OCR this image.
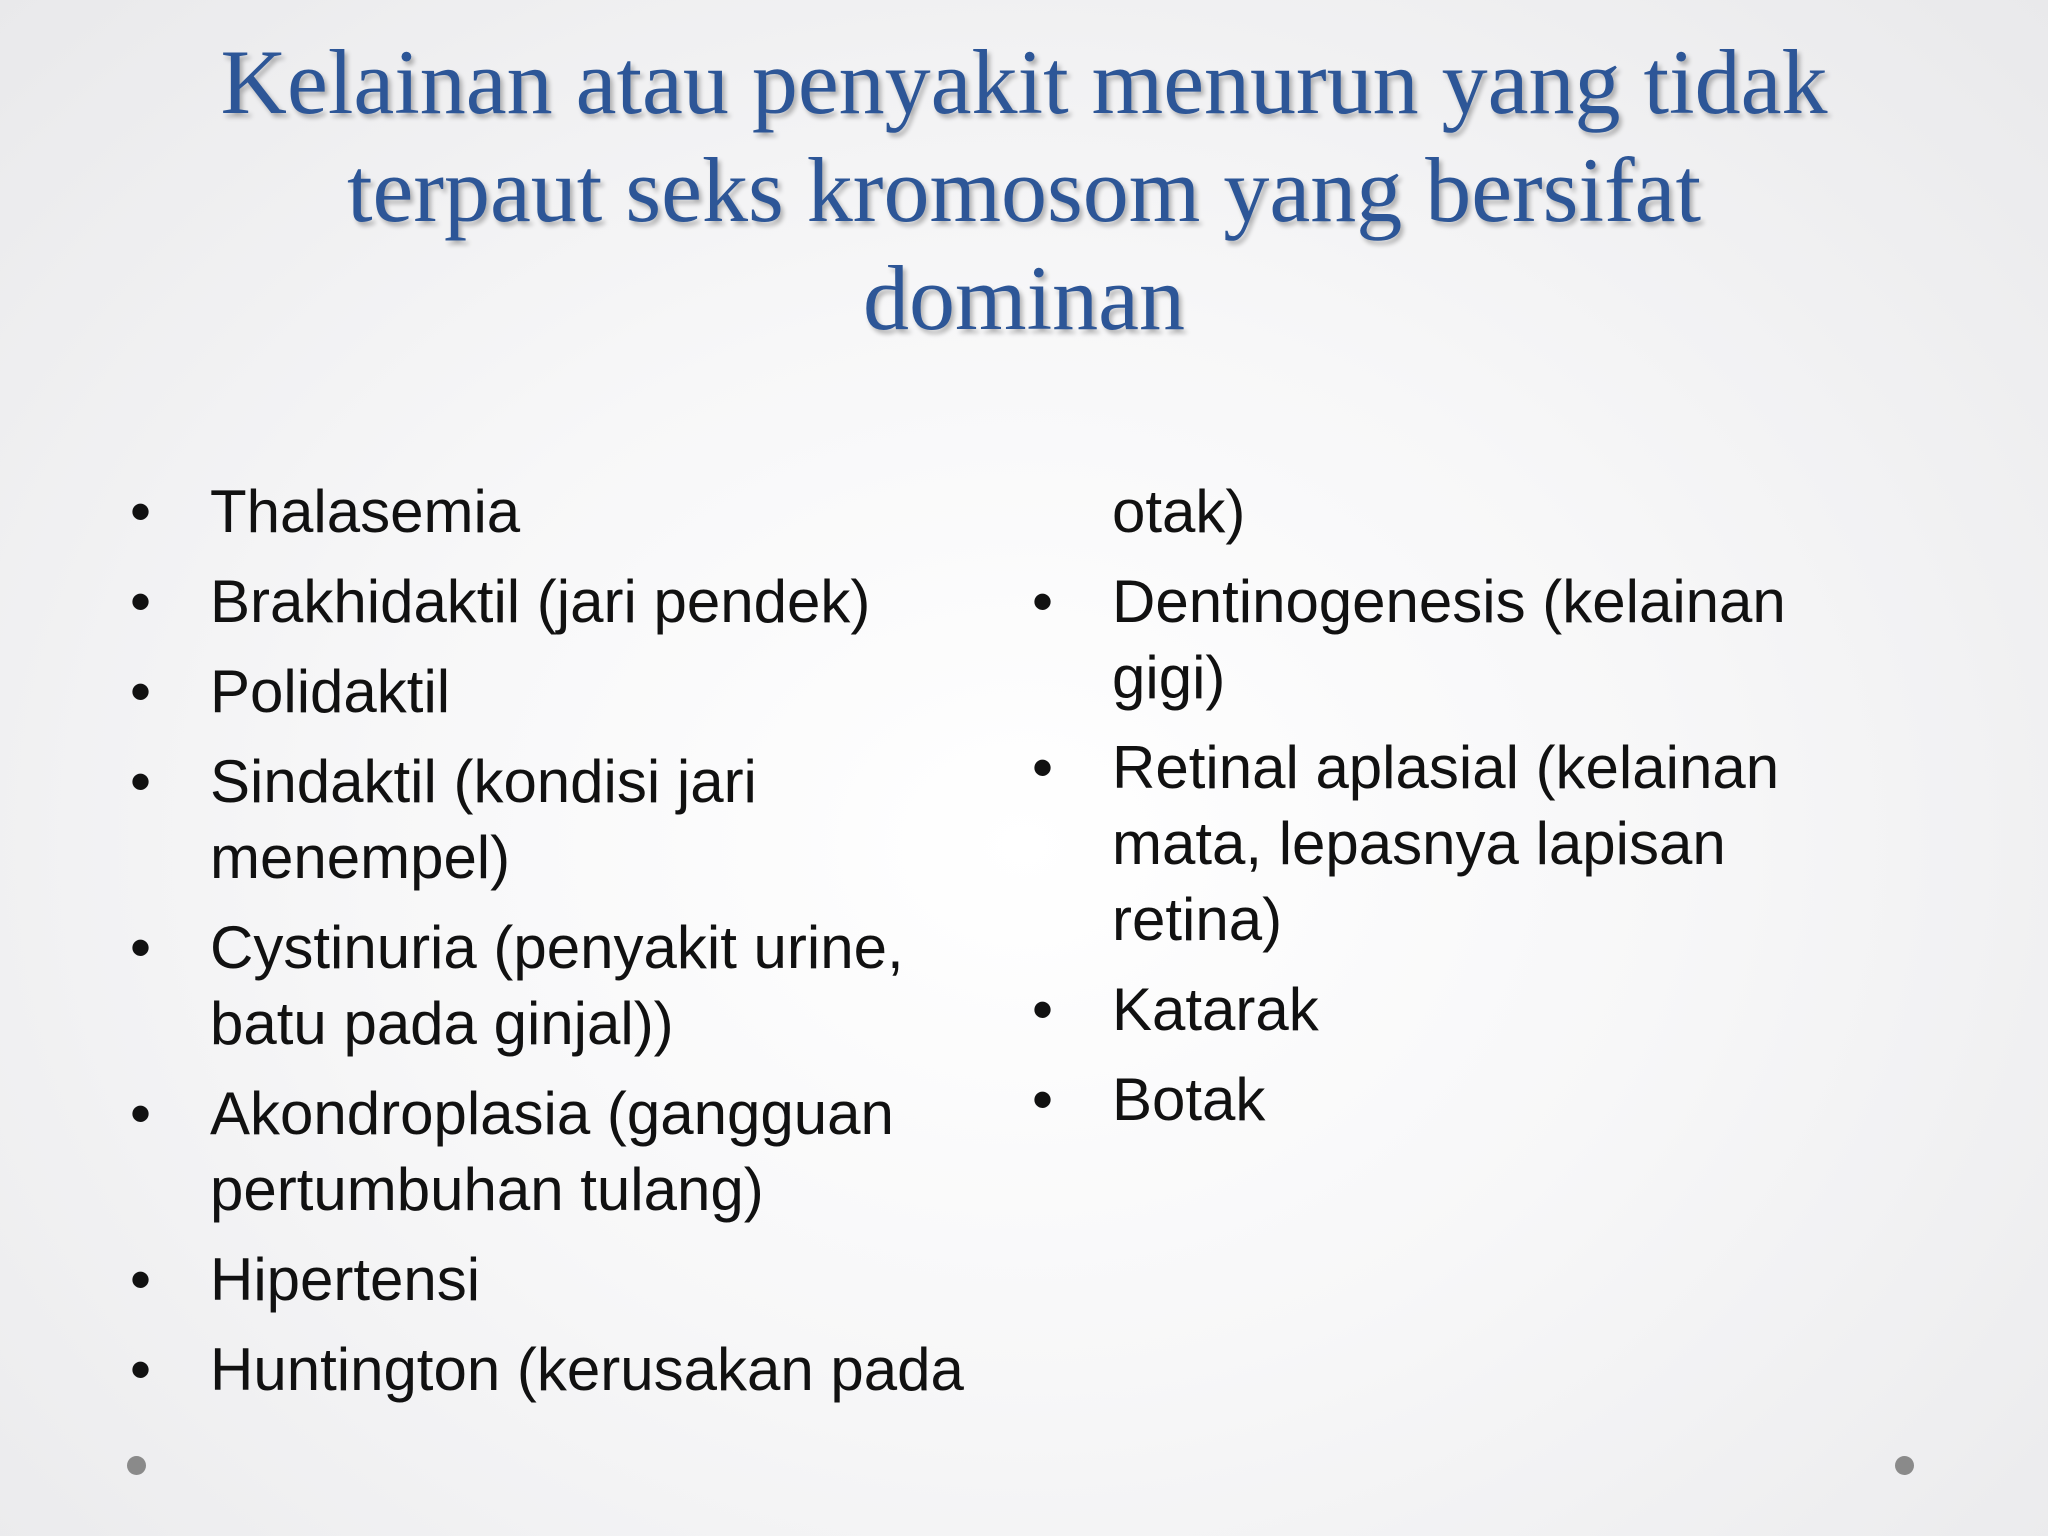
Kelainan atau penyakit menurun yang tidak
terpaut seks kromosom yang bersifat
dominan
• Thalasemia
• Brakhidaktil (jari pendek)
• Polidaktil
• Sindaktil (kondisi jari menempel)
• Cystinuria (penyakit urine, batu pada ginjal))
• Akondroplasia (gangguan pertumbuhan tulang)
• Hipertensi
• Huntington (kerusakan pada
otak)
• Dentinogenesis (kelainan gigi)
• Retinal aplasial (kelainan mata, lepasnya lapisan retina)
• Katarak
• Botak
